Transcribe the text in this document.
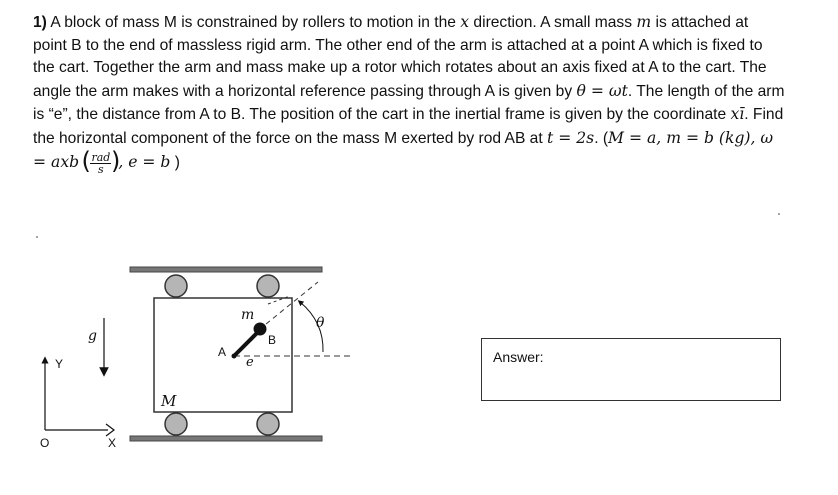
1) A block of mass M is constrained by rollers to motion in the x direction. A small mass m is attached at point B to the end of massless rigid arm. The other end of the arm is attached at a point A which is fixed to the cart. Together the arm and mass make up a rotor which rotates about an axis fixed at A to the cart. The angle the arm makes with a horizontal reference passing through A is given by θ = ωt. The length of the arm is “e”, the distance from A to B. The position of the cart in the inertial frame is given by the coordinate xī. Find the horizontal component of the force on the mass M exerted by rod AB at t = 2s. (M = a, m = b (kg), ω = axb
( $\frac{\text{rad}}{s}$
) , e = b )

m
B
A
e
θ
M
g
Y
O	X
Answer:
